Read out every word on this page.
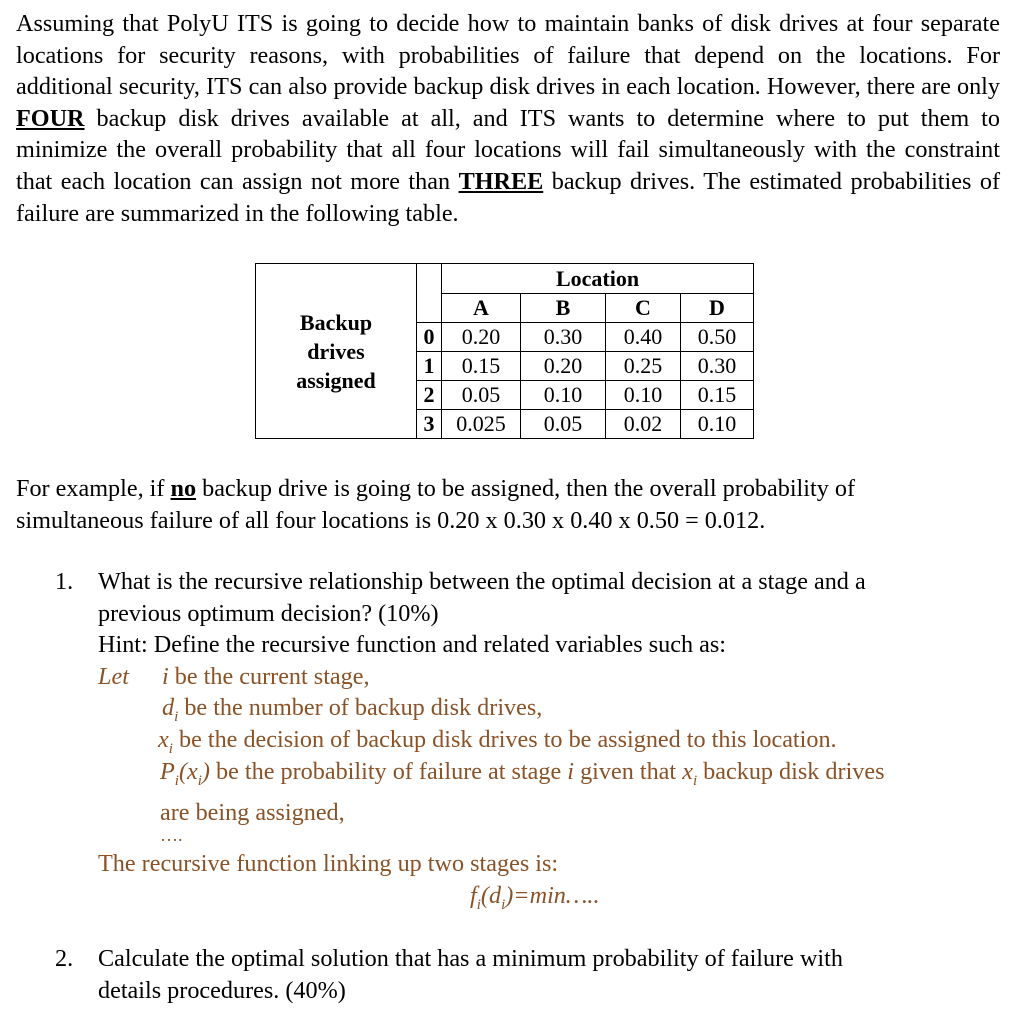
Assuming that PolyU ITS is going to decide how to maintain banks of disk drives at four separate locations for security reasons, with probabilities of failure that depend on the locations. For additional security, ITS can also provide backup disk drives in each location. However, there are only FOUR backup disk drives available at all, and ITS wants to determine where to put them to minimize the overall probability that all four locations will fail simultaneously with the constraint that each location can assign not more than THREE backup drives. The estimated probabilities of failure are summarized in the following table.

Backup
drives
assigned		Location			
		A	B	C	D
	0	0.20	0.30	0.40	0.50
	1	0.15	0.20	0.25	0.30
	2	0.05	0.10	0.10	0.15
	3	0.025	0.05	0.02	0.10

For example, if no backup drive is going to be assigned, then the overall probability of
simultaneous failure of all four locations is 0.20 x 0.30 x 0.40 x 0.50 = 0.012.

1. What is the recursive relationship between the optimal decision at a stage and a
previous optimum decision? (10%)
Hint: Define the recursive function and related variables such as:

Let i be the current stage,

$d_i$ be the number of backup disk drives,

$x_i$ be the decision of backup disk drives to be assigned to this location.

$P_i(x_i)$ be the probability of failure at stage i given that $x_i$ backup disk drives
are being assigned,

….

The recursive function linking up two stages is:

$f_i(d_i)=\min\dots$..

2. Calculate the optimal solution that has a minimum probability of failure with
details procedures. (40%)
